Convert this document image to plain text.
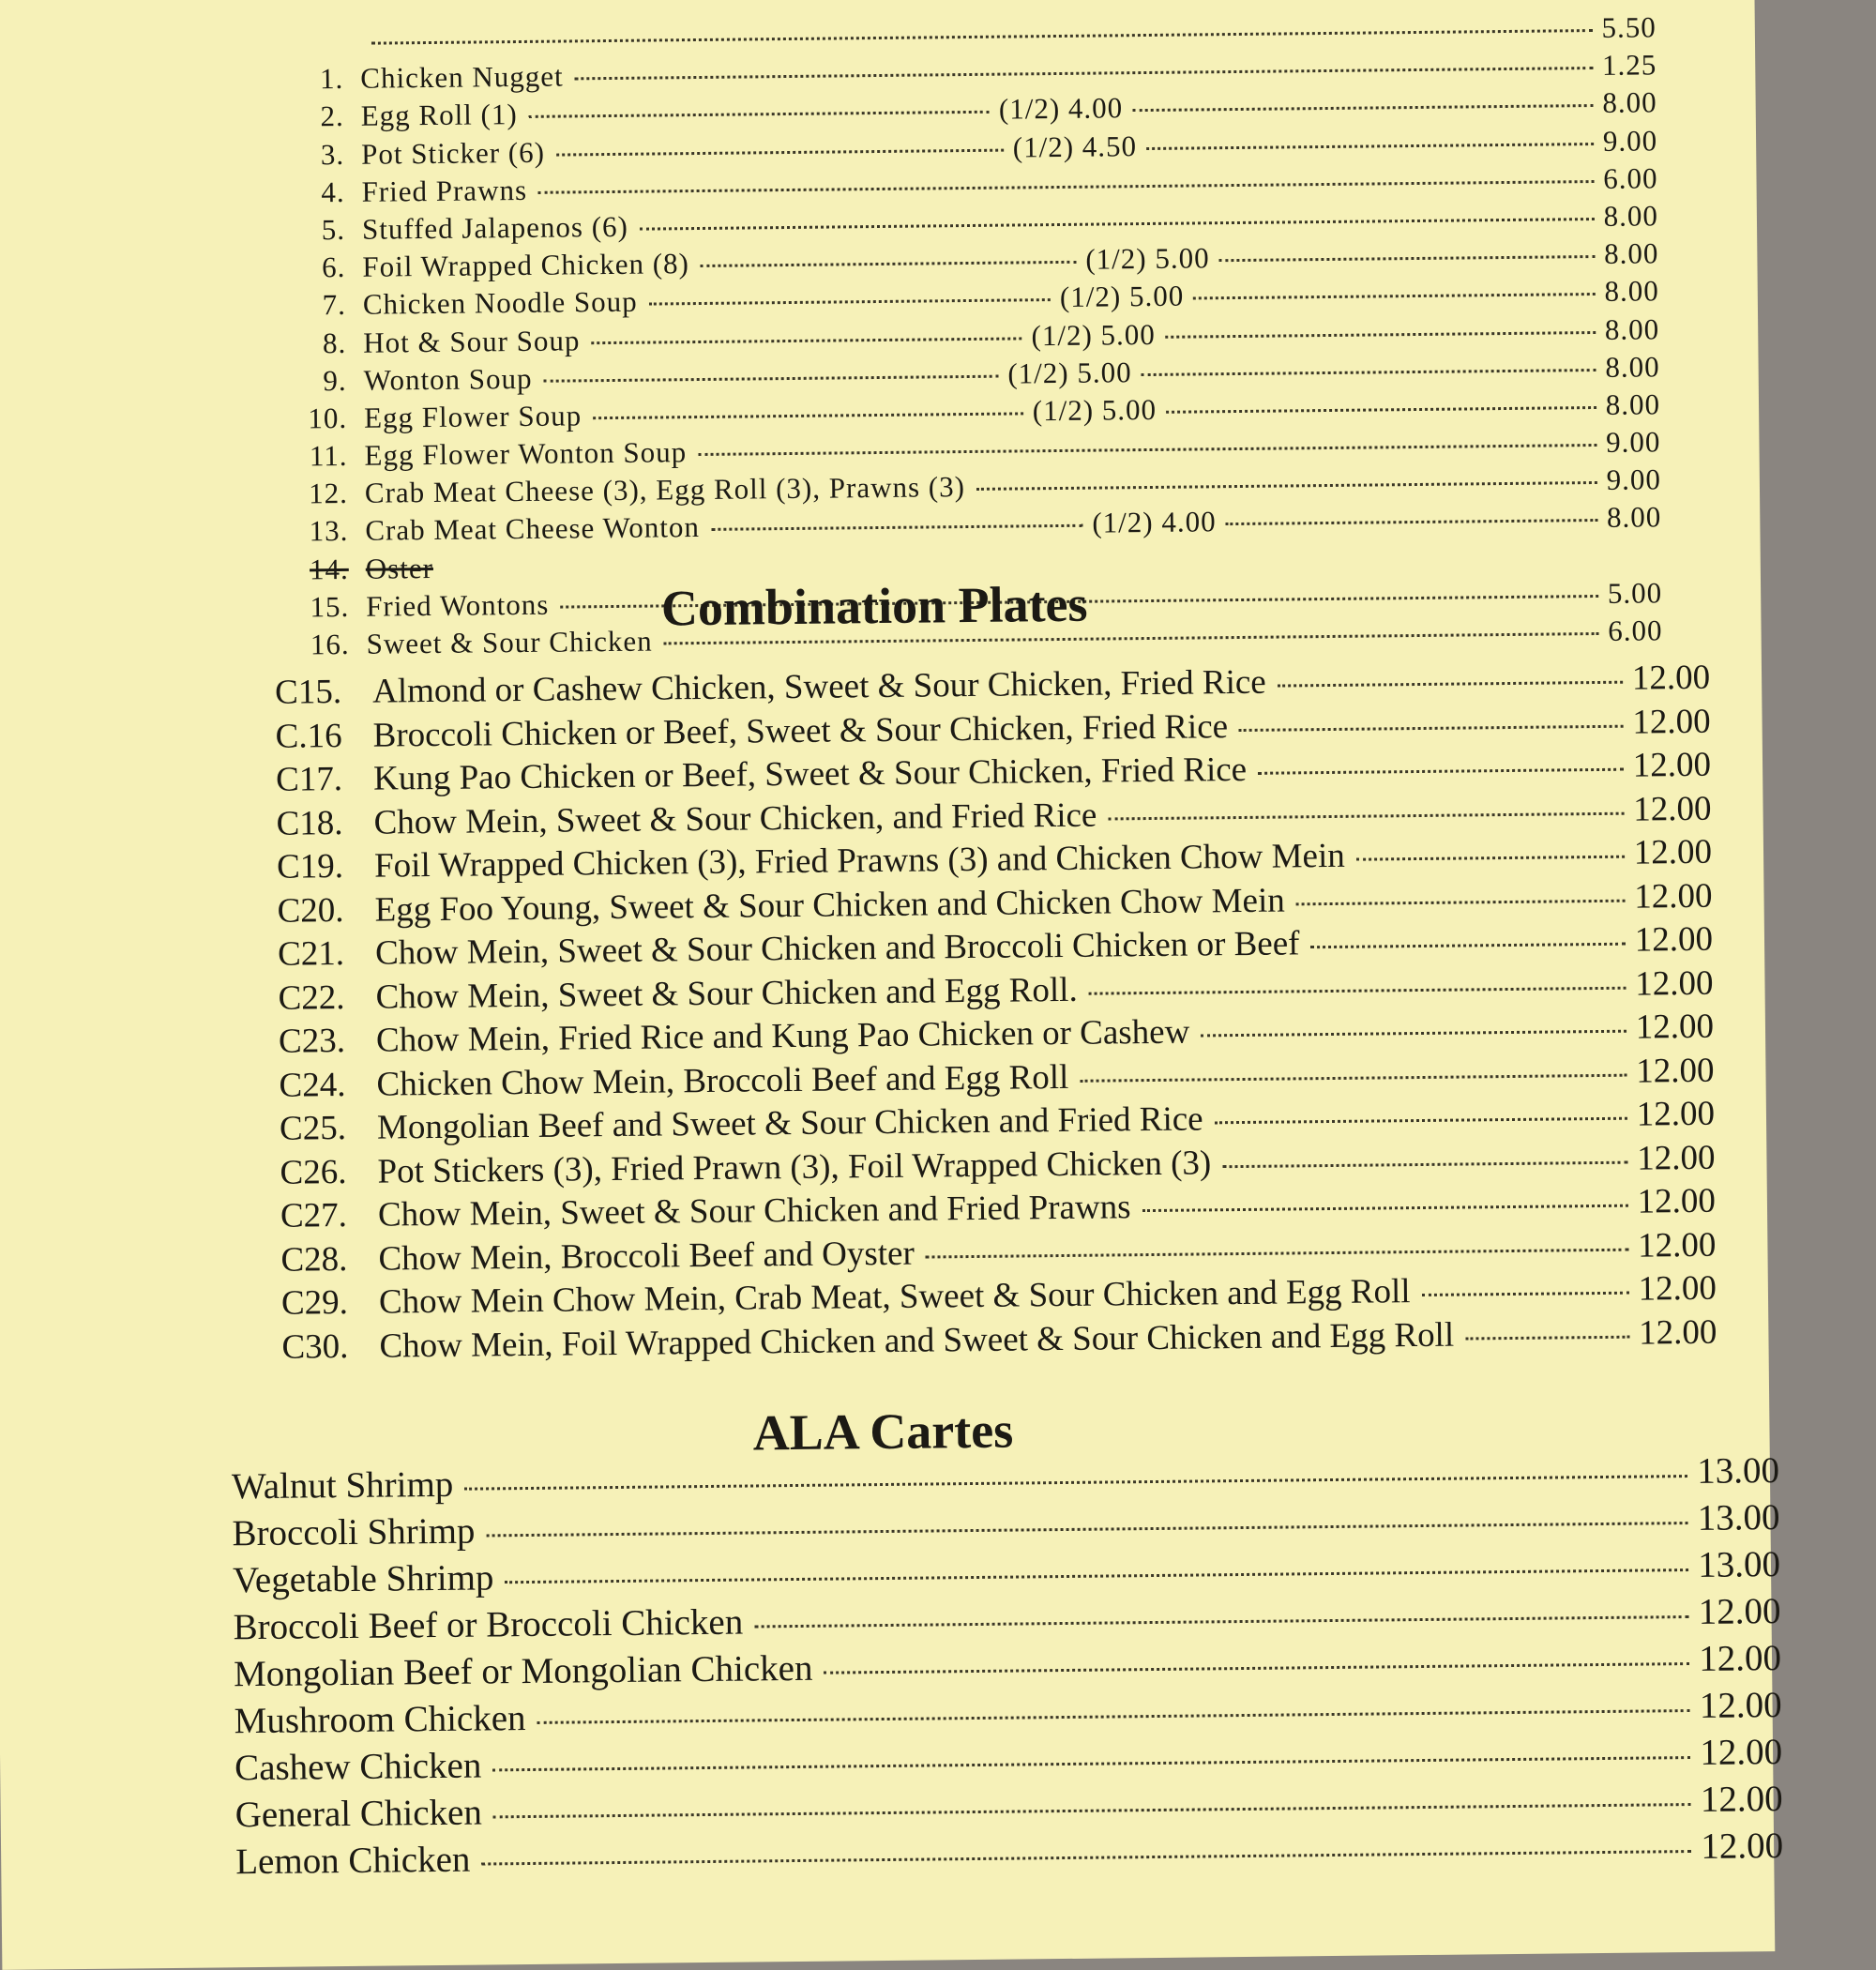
5.50
1. Chicken Nugget	1.25
2. Egg Roll (1)	(1/2) 4.00	8.00
3. Pot Sticker (6)	(1/2) 4.50	9.00
4. Fried Prawns	6.00
5. Stuffed Jalapenos (6)	8.00
6. Foil Wrapped Chicken (8)	(1/2) 5.00	8.00
7. Chicken Noodle Soup	(1/2) 5.00	8.00
8. Hot & Sour Soup	(1/2) 5.00	8.00
9. Wonton Soup	(1/2) 5.00	8.00
10. Egg Flower Soup	(1/2) 5.00	8.00
11. Egg Flower Wonton Soup	9.00
12. Crab Meat Cheese (3), Egg Roll (3), Prawns (3)	9.00
13. Crab Meat Cheese Wonton	(1/2) 4.00	8.00
14. Oster
15. Fried Wontons	5.00
16. Sweet & Sour Chicken	6.00
Combination Plates
C15. Almond or Cashew Chicken, Sweet & Sour Chicken, Fried Rice	12.00
C.16 Broccoli Chicken or Beef, Sweet & Sour Chicken, Fried Rice	12.00
C17. Kung Pao Chicken or Beef, Sweet & Sour Chicken, Fried Rice	12.00
C18. Chow Mein, Sweet & Sour Chicken, and Fried Rice	12.00
C19. Foil Wrapped Chicken (3), Fried Prawns (3) and Chicken Chow Mein	12.00
C20. Egg Foo Young, Sweet & Sour Chicken and Chicken Chow Mein	12.00
C21. Chow Mein, Sweet & Sour Chicken and Broccoli Chicken or Beef	12.00
C22. Chow Mein, Sweet & Sour Chicken and Egg Roll.	12.00
C23. Chow Mein, Fried Rice and Kung Pao Chicken or Cashew	12.00
C24. Chicken Chow Mein, Broccoli Beef and Egg Roll	12.00
C25. Mongolian Beef and Sweet & Sour Chicken and Fried Rice	12.00
C26. Pot Stickers (3), Fried Prawn (3), Foil Wrapped Chicken (3)	12.00
C27. Chow Mein, Sweet & Sour Chicken and Fried Prawns	12.00
C28. Chow Mein, Broccoli Beef and Oyster	12.00
C29. Chow Mein Chow Mein, Crab Meat, Sweet & Sour Chicken and Egg Roll	12.00
C30. Chow Mein, Foil Wrapped Chicken and Sweet & Sour Chicken and Egg Roll	12.00
ALA Cartes
Walnut Shrimp	13.00
Broccoli Shrimp	13.00
Vegetable Shrimp	13.00
Broccoli Beef or Broccoli Chicken	12.00
Mongolian Beef or Mongolian Chicken	12.00
Mushroom Chicken	12.00
Cashew Chicken	12.00
General Chicken	12.00
Lemon Chicken	12.00
